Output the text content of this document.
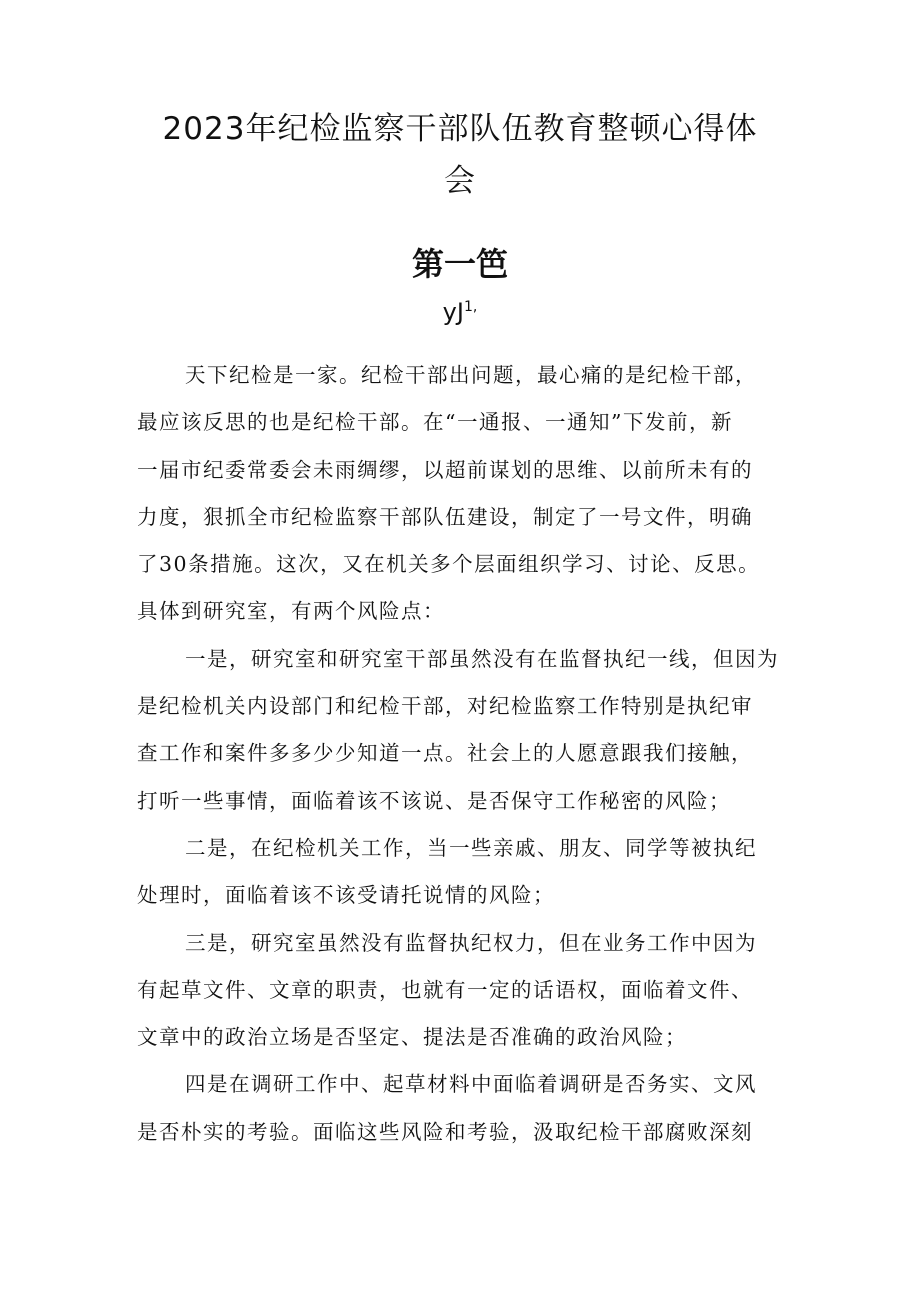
2023年纪检监察干部队伍教育整顿心得体
会
第一笆
$yJ^{1,}$
天下纪检是一家。纪检干部出问题，最心痛的是纪检干部，
最应该反思的也是纪检干部。在“一通报、一通知”下发前，新
一届市纪委常委会未雨绸缪，以超前谋划的思维、以前所未有的
力度，狠抓全市纪检监察干部队伍建设，制定了一号文件，明确
了30条措施。这次，又在机关多个层面组织学习、讨论、反思。
具体到研究室，有两个风险点：
一是，研究室和研究室干部虽然没有在监督执纪一线，但因为
是纪检机关内设部门和纪检干部，对纪检监察工作特别是执纪审
查工作和案件多多少少知道一点。社会上的人愿意跟我们接触，
打听一些事情，面临着该不该说、是否保守工作秘密的风险；
二是，在纪检机关工作，当一些亲戚、朋友、同学等被执纪
处理时，面临着该不该受请托说情的风险；
三是，研究室虽然没有监督执纪权力，但在业务工作中因为
有起草文件、文章的职责，也就有一定的话语权，面临着文件、
文章中的政治立场是否坚定、提法是否准确的政治风险；
四是在调研工作中、起草材料中面临着调研是否务实、文风
是否朴实的考验。面临这些风险和考验，汲取纪检干部腐败深刻
